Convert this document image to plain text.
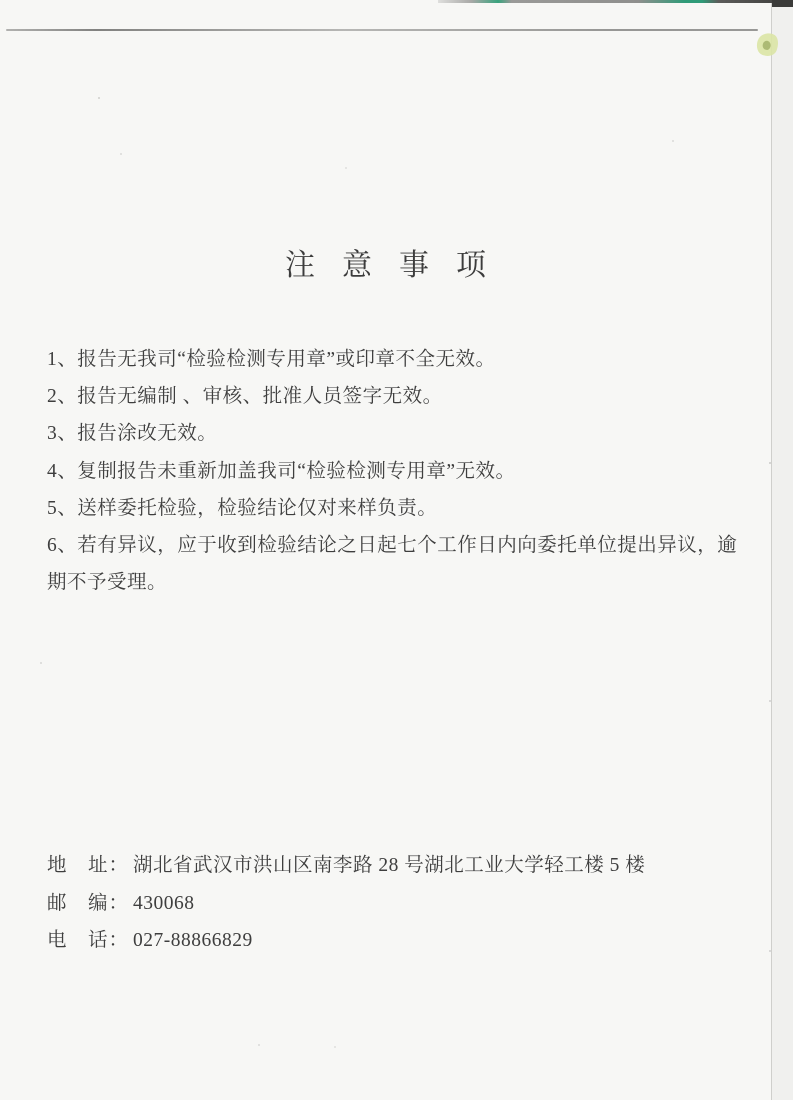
注意事项

1、报告无我司“检验检测专用章”或印章不全无效。

2、报告无编制 、审核、批准人员签字无效。

3、报告涂改无效。

4、复制报告未重新加盖我司“检验检测专用章”无效。

5、送样委托检验，检验结论仅对来样负责。

6、若有异议，应于收到检验结论之日起七个工作日内向委托单位提出异议，逾期不予受理。

地　址： 湖北省武汉市洪山区南李路 28 号湖北工业大学轻工楼 5 楼
邮　编： 430068
电　话： 027-88866829
